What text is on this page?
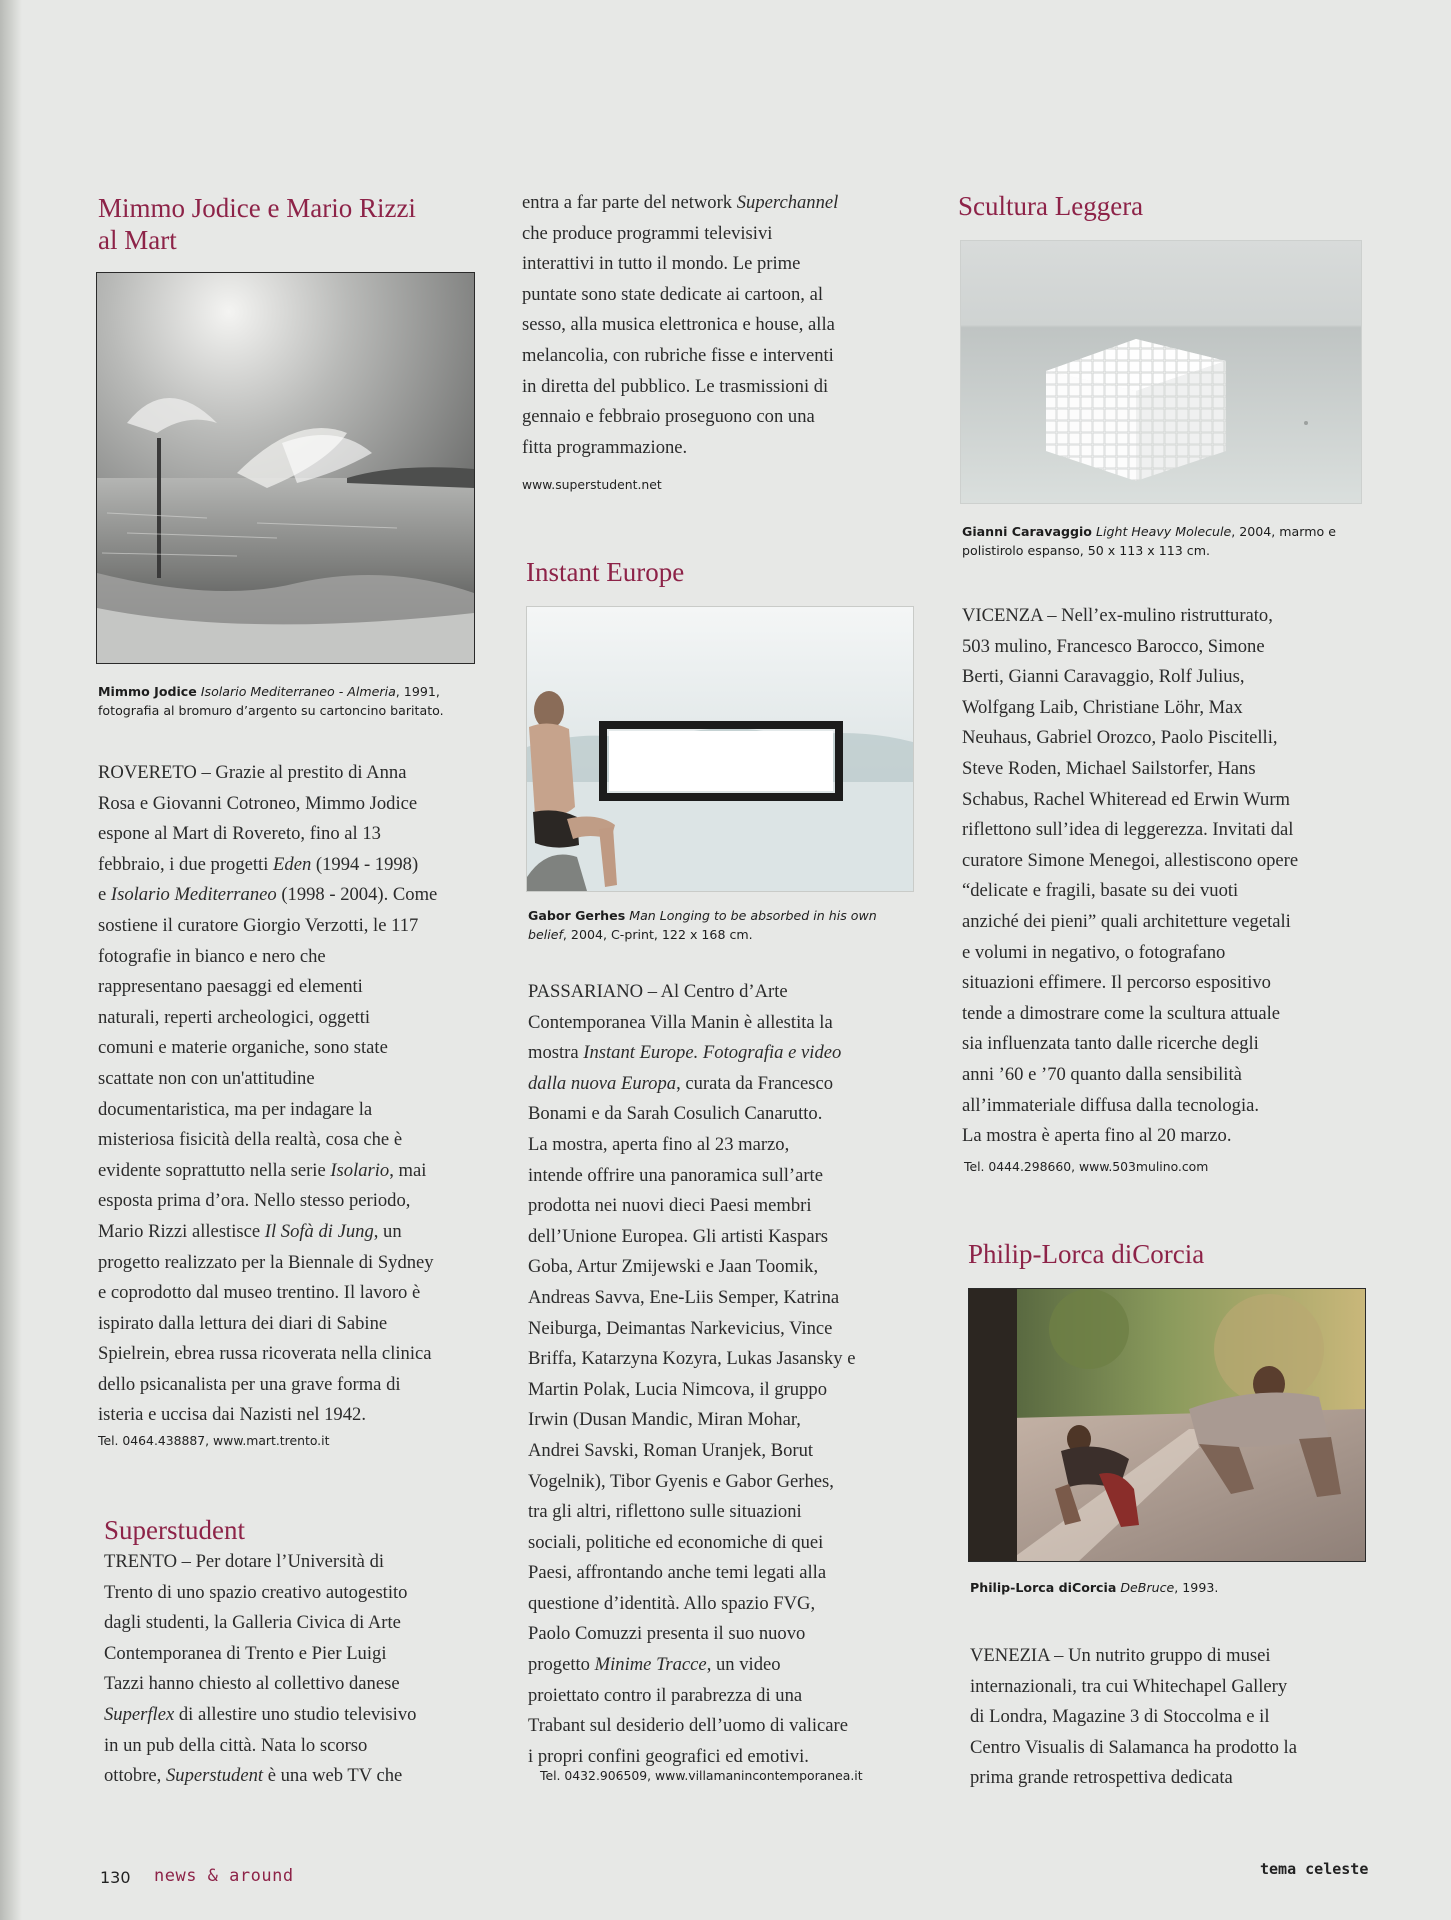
Mimmo Jodice e Mario Rizzi
al Mart

Mimmo Jodice Isolario Mediterraneo - Almeria, 1991,
fotografia al bromuro d’argento su cartoncino baritato.

ROVERETO – Grazie al prestito di Anna
Rosa e Giovanni Cotroneo, Mimmo Jodice
espone al Mart di Rovereto, fino al 13
febbraio, i due progetti Eden (1994 - 1998)
e Isolario Mediterraneo (1998 - 2004). Come
sostiene il curatore Giorgio Verzotti, le 117
fotografie in bianco e nero che
rappresentano paesaggi ed elementi
naturali, reperti archeologici, oggetti
comuni e materie organiche, sono state
scattate non con un'attitudine
documentaristica, ma per indagare la
misteriosa fisicità della realtà, cosa che è
evidente soprattutto nella serie Isolario, mai
esposta prima d’ora. Nello stesso periodo,
Mario Rizzi allestisce Il Sofà di Jung, un
progetto realizzato per la Biennale di Sydney
e coprodotto dal museo trentino. Il lavoro è
ispirato dalla lettura dei diari di Sabine
Spielrein, ebrea russa ricoverata nella clinica
dello psicanalista per una grave forma di
isteria e uccisa dai Nazisti nel 1942.

Tel. 0464.438887, www.mart.trento.it

Superstudent
TRENTO – Per dotare l’Università di
Trento di uno spazio creativo autogestito
dagli studenti, la Galleria Civica di Arte
Contemporanea di Trento e Pier Luigi
Tazzi hanno chiesto al collettivo danese
Superflex di allestire uno studio televisivo
in un pub della città. Nata lo scorso
ottobre, Superstudent è una web TV che
entra a far parte del network Superchannel
che produce programmi televisivi
interattivi in tutto il mondo. Le prime
puntate sono state dedicate ai cartoon, al
sesso, alla musica elettronica e house, alla
melancolia, con rubriche fisse e interventi
in diretta del pubblico. Le trasmissioni di
gennaio e febbraio proseguono con una
fitta programmazione.

www.superstudent.net

Instant Europe

Gabor Gerhes Man Longing to be absorbed in his own
belief, 2004, C-print, 122 x 168 cm.

PASSARIANO – Al Centro d’Arte
Contemporanea Villa Manin è allestita la
mostra Instant Europe. Fotografia e video
dalla nuova Europa, curata da Francesco
Bonami e da Sarah Cosulich Canarutto.
La mostra, aperta fino al 23 marzo,
intende offrire una panoramica sull’arte
prodotta nei nuovi dieci Paesi membri
dell’Unione Europea. Gli artisti Kaspars
Goba, Artur Zmijewski e Jaan Toomik,
Andreas Savva, Ene-Liis Semper, Katrina
Neiburga, Deimantas Narkevicius, Vince
Briffa, Katarzyna Kozyra, Lukas Jasansky e
Martin Polak, Lucia Nimcova, il gruppo
Irwin (Dusan Mandic, Miran Mohar,
Andrei Savski, Roman Uranjek, Borut
Vogelnik), Tibor Gyenis e Gabor Gerhes,
tra gli altri, riflettono sulle situazioni
sociali, politiche ed economiche di quei
Paesi, affrontando anche temi legati alla
questione d’identità. Allo spazio FVG,
Paolo Comuzzi presenta il suo nuovo
progetto Minime Tracce, un video
proiettato contro il parabrezza di una
Trabant sul desiderio dell’uomo di valicare
i propri confini geografici ed emotivi.

Tel. 0432.906509, www.villamanincontemporanea.it

Scultura Leggera

Gianni Caravaggio Light Heavy Molecule, 2004, marmo e
polistirolo espanso, 50 x 113 x 113 cm.

VICENZA – Nell’ex-mulino ristrutturato,
503 mulino, Francesco Barocco, Simone
Berti, Gianni Caravaggio, Rolf Julius,
Wolfgang Laib, Christiane Löhr, Max
Neuhaus, Gabriel Orozco, Paolo Piscitelli,
Steve Roden, Michael Sailstorfer, Hans
Schabus, Rachel Whiteread ed Erwin Wurm
riflettono sull’idea di leggerezza. Invitati dal
curatore Simone Menegoi, allestiscono opere
“delicate e fragili, basate su dei vuoti
anziché dei pieni” quali architetture vegetali
e volumi in negativo, o fotografano
situazioni effimere. Il percorso espositivo
tende a dimostrare come la scultura attuale
sia influenzata tanto dalle ricerche degli
anni ’60 e ’70 quanto dalla sensibilità
all’immateriale diffusa dalla tecnologia.
La mostra è aperta fino al 20 marzo.

Tel. 0444.298660, www.503mulino.com

Philip-Lorca diCorcia

Philip-Lorca diCorcia DeBruce, 1993.

VENEZIA – Un nutrito gruppo di musei
internazionali, tra cui Whitechapel Gallery
di Londra, Magazine 3 di Stoccolma e il
Centro Visualis di Salamanca ha prodotto la
prima grande retrospettiva dedicata
130 news & around	tema celeste
